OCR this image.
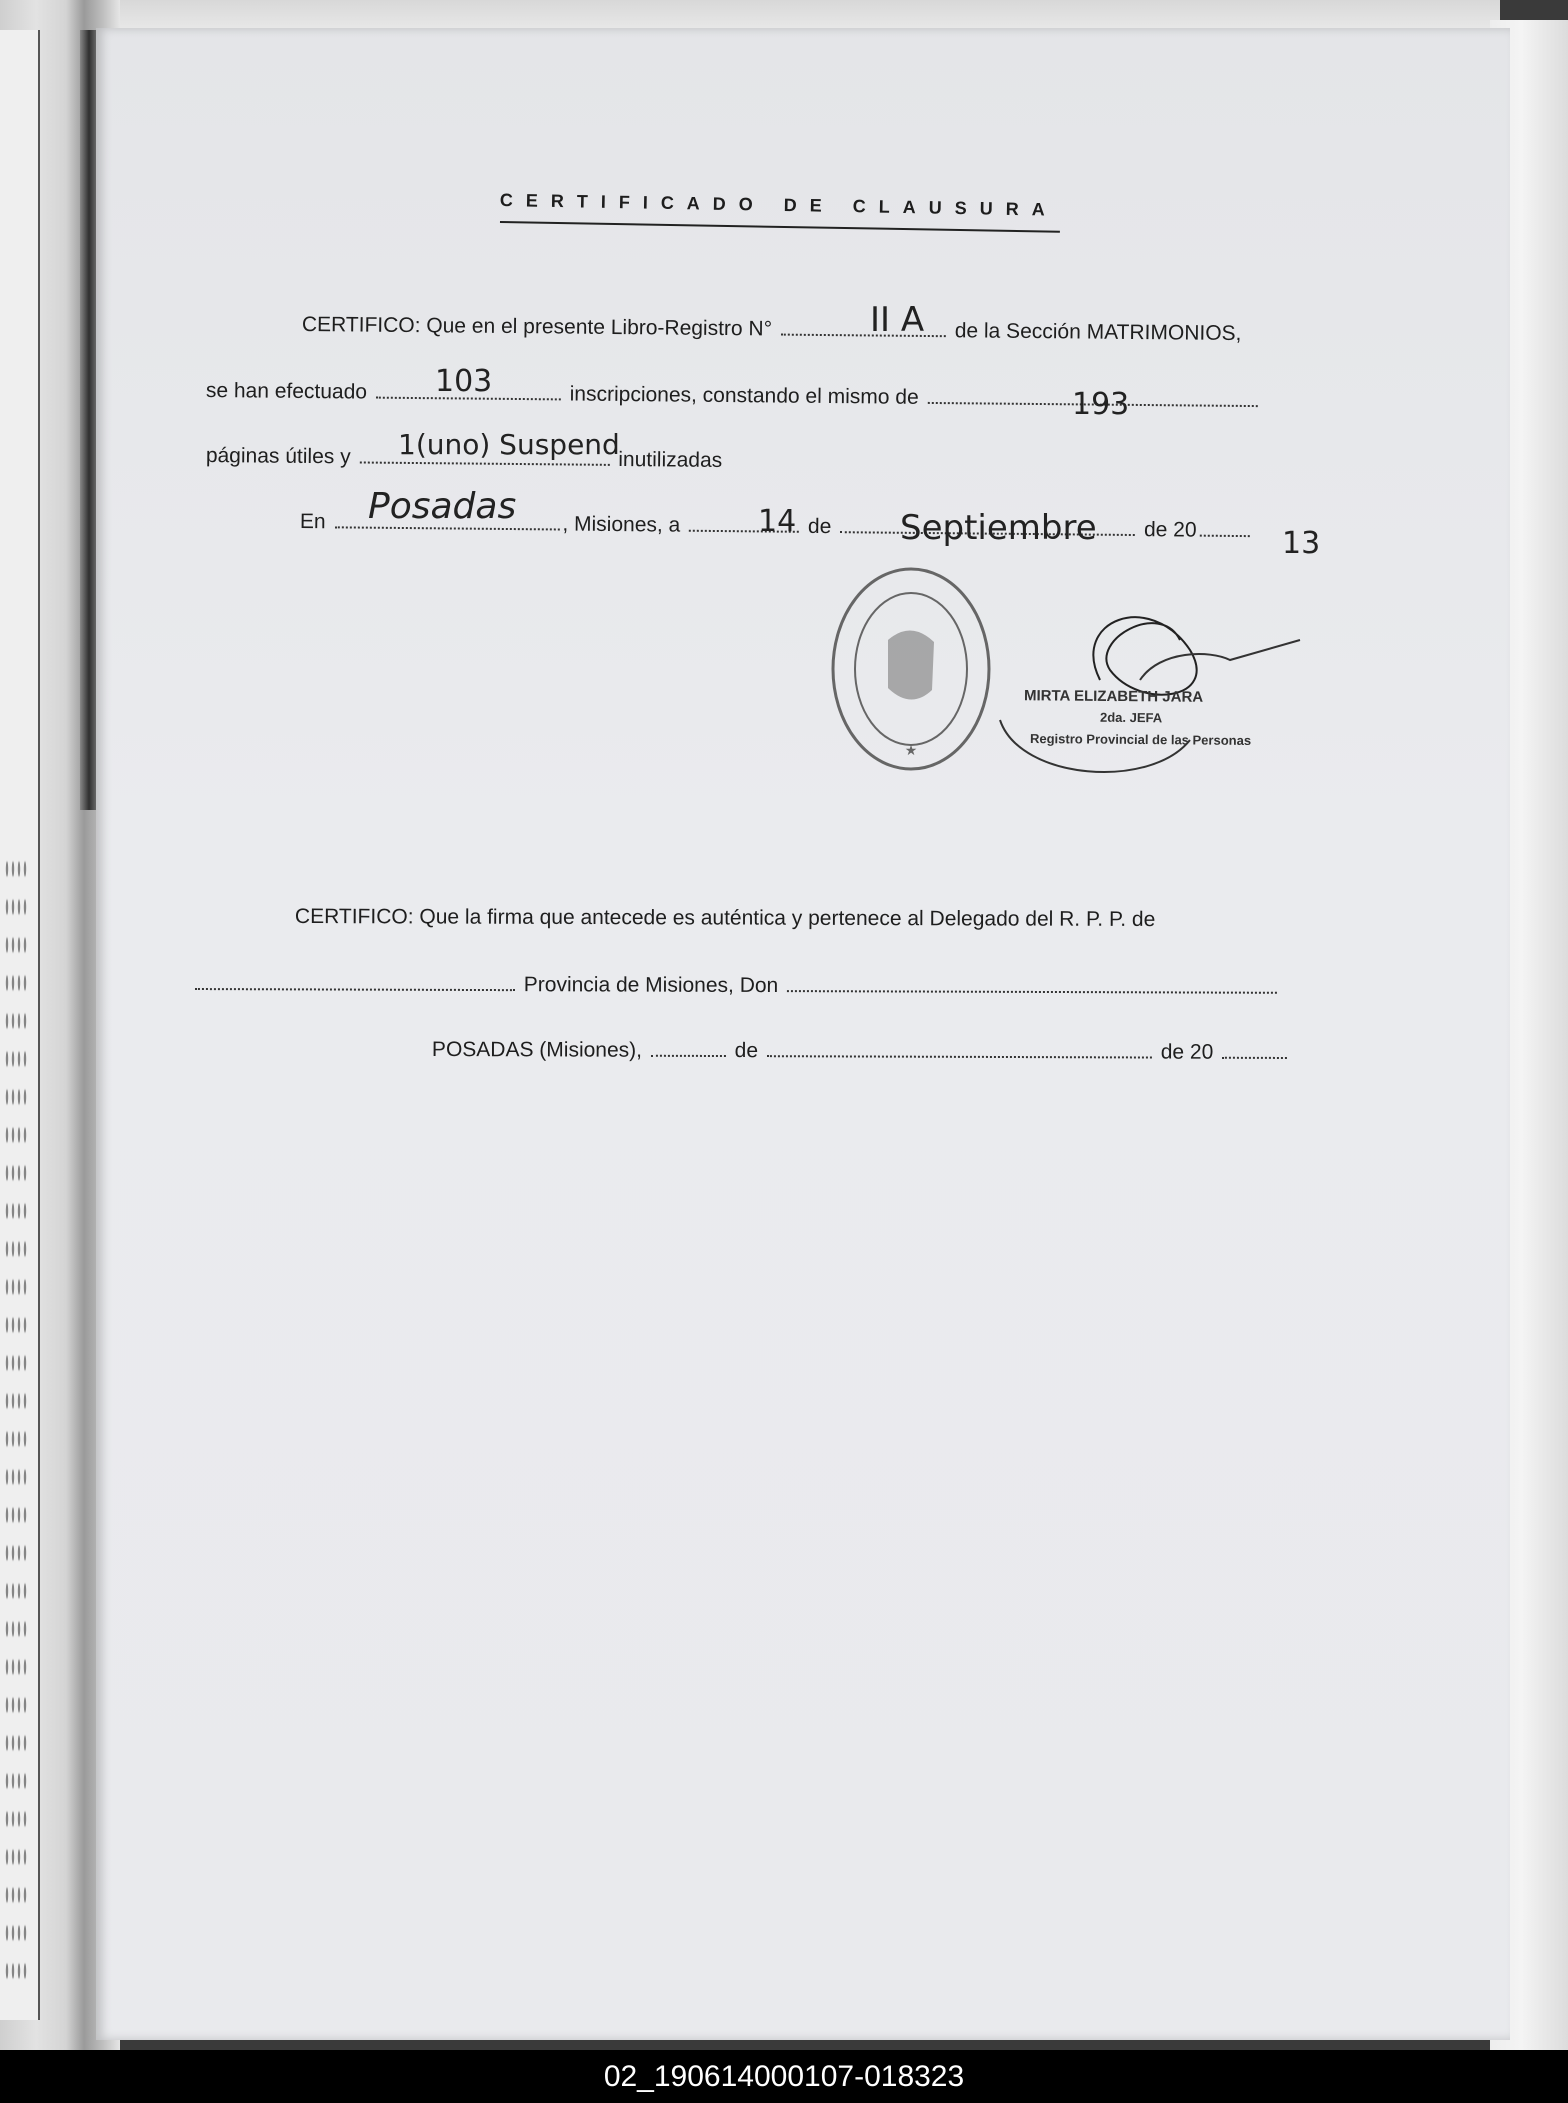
CERTIFICADO DE CLAUSURA
CERTIFICO: Que en el presente Libro-Registro N°	de la Sección MATRIMONIOS,
se han efectuado	inscripciones, constando el mismo de
páginas útiles y	inutilizadas
En	, Misiones, a	de	de 20
II A
103
193
1(uno) Suspend
Posadas	14	Septiembre	13
★
MIRTA ELIZABETH JARA
2da. JEFA
Registro Provincial de las Personas
CERTIFICO: Que la firma que antecede es auténtica y pertenece al Delegado del R. P. P. de
Provincia de Misiones, Don
POSADAS (Misiones),	de	de 20
02_190614000107-018323
